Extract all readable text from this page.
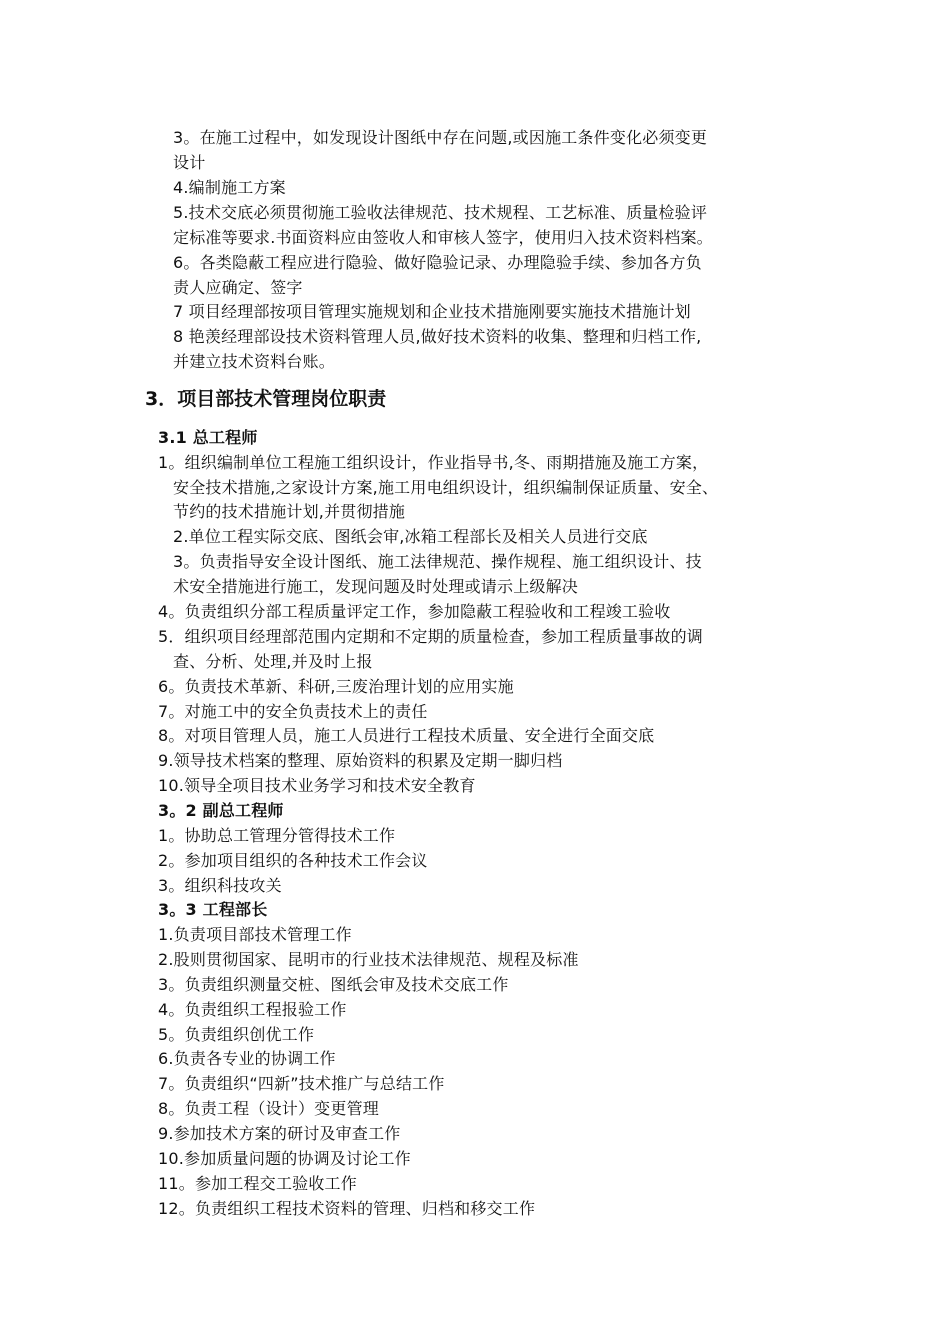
3。在施工过程中，如发现设计图纸中存在问题,或因施工条件变化必须变更
设计
4.编制施工方案
5.技术交底必须贯彻施工验收法律规范、技术规程、工艺标准、质量检验评
定标准等要求.书面资料应由签收人和审核人签字，使用归入技术资料档案。
6。各类隐蔽工程应进行隐验、做好隐验记录、办理隐验手续、参加各方负
责人应确定、签字
7 项目经理部按项目管理实施规划和企业技术措施刚要实施技术措施计划
8 艳羡经理部设技术资料管理人员,做好技术资料的收集、整理和归档工作,
并建立技术资料台账。
3．项目部技术管理岗位职责
3.1 总工程师
1。组织编制单位工程施工组织设计，作业指导书,冬、雨期措施及施工方案，
安全技术措施,之家设计方案,施工用电组织设计，组织编制保证质量、安全、
节约的技术措施计划,并贯彻措施
2.单位工程实际交底、图纸会审,冰箱工程部长及相关人员进行交底
3。负责指导安全设计图纸、施工法律规范、操作规程、施工组织设计、技
术安全措施进行施工，发现问题及时处理或请示上级解决
4。负责组织分部工程质量评定工作，参加隐蔽工程验收和工程竣工验收
5．组织项目经理部范围内定期和不定期的质量检查，参加工程质量事故的调
查、分析、处理,并及时上报
6。负责技术革新、科研,三废治理计划的应用实施
7。对施工中的安全负责技术上的责任
8。对项目管理人员，施工人员进行工程技术质量、安全进行全面交底
9.领导技术档案的整理、原始资料的积累及定期一脚归档
10.领导全项目技术业务学习和技术安全教育
3。2 副总工程师
1。协助总工管理分管得技术工作
2。参加项目组织的各种技术工作会议
3。组织科技攻关
3。3 工程部长
1.负责项目部技术管理工作
2.股则贯彻国家、昆明市的行业技术法律规范、规程及标准
3。负责组织测量交桩、图纸会审及技术交底工作
4。负责组织工程报验工作
5。负责组织创优工作
6.负责各专业的协调工作
7。负责组织“四新”技术推广与总结工作
8。负责工程（设计）变更管理
9.参加技术方案的研讨及审查工作
10.参加质量问题的协调及讨论工作
11。参加工程交工验收工作
12。负责组织工程技术资料的管理、归档和移交工作
